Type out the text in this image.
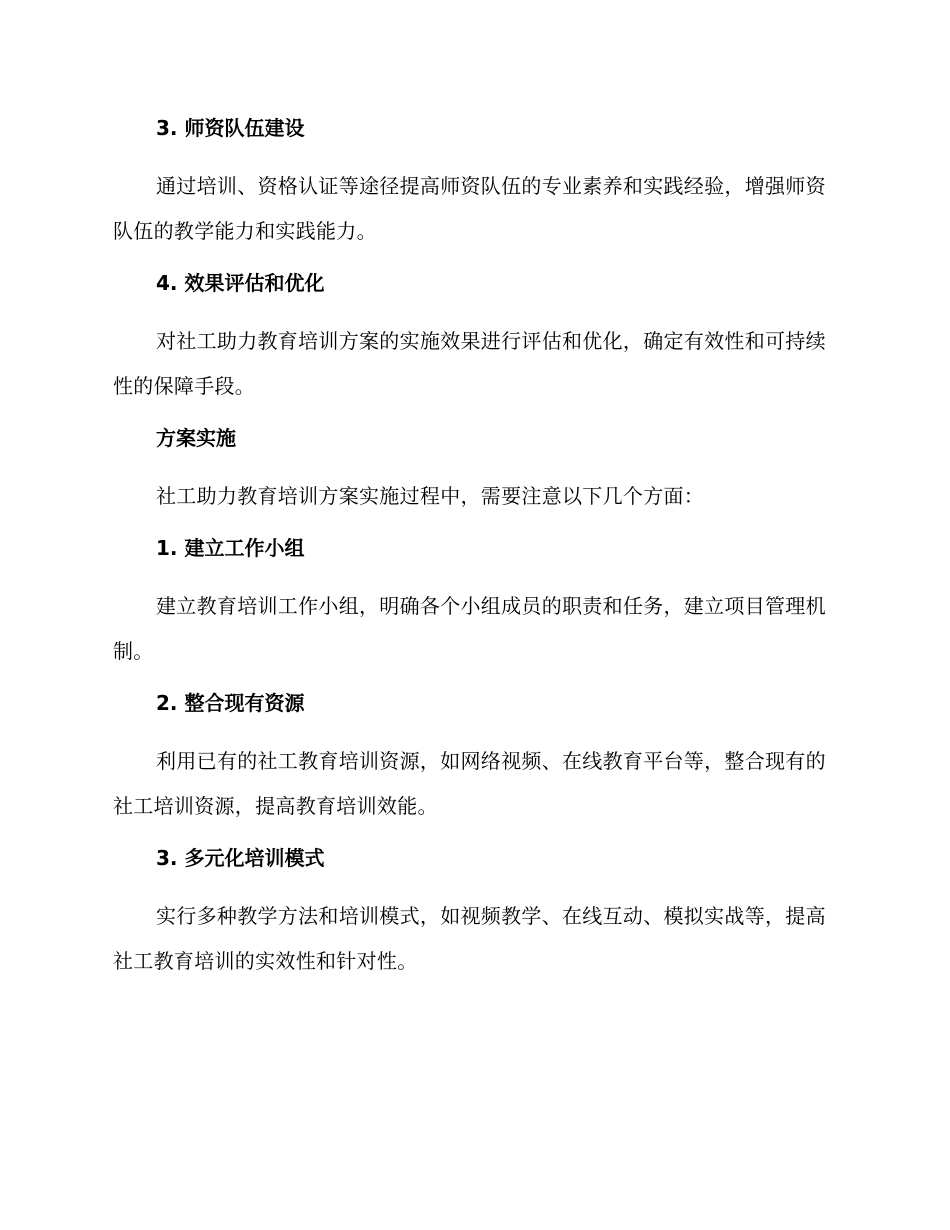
3. 师资队伍建设

通过培训、资格认证等途径提高师资队伍的专业素养和实践经验，增强师资队伍的教学能力和实践能力。

4. 效果评估和优化

对社工助力教育培训方案的实施效果进行评估和优化，确定有效性和可持续性的保障手段。

方案实施

社工助力教育培训方案实施过程中，需要注意以下几个方面：

1. 建立工作小组

建立教育培训工作小组，明确各个小组成员的职责和任务，建立项目管理机制。

2. 整合现有资源

利用已有的社工教育培训资源，如网络视频、在线教育平台等，整合现有的社工培训资源，提高教育培训效能。

3. 多元化培训模式

实行多种教学方法和培训模式，如视频教学、在线互动、模拟实战等，提高社工教育培训的实效性和针对性。
